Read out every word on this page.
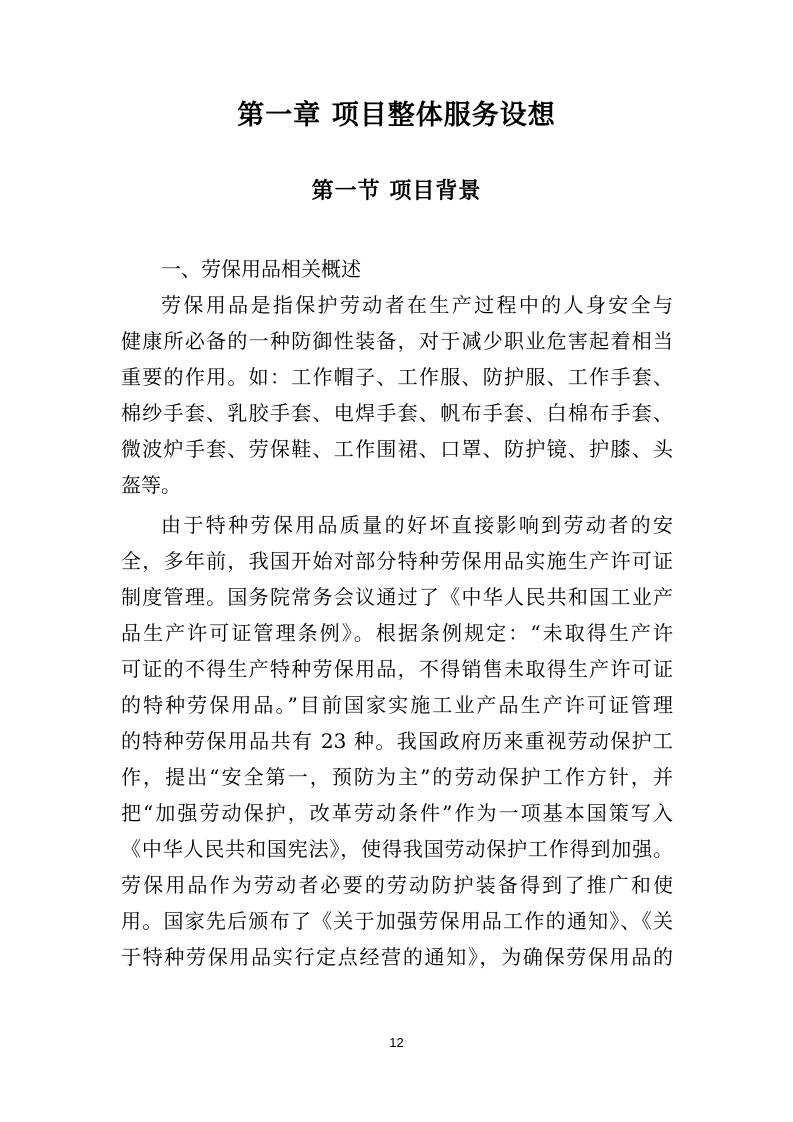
第一章 项目整体服务设想
第一节 项目背景
一、劳保用品相关概述
劳保用品是指保护劳动者在生产过程中的人身安全与
健康所必备的一种防御性装备，对于减少职业危害起着相当
重要的作用。如：工作帽子、工作服、防护服、工作手套、
棉纱手套、乳胶手套、电焊手套、帆布手套、白棉布手套、
微波炉手套、劳保鞋、工作围裙、口罩、防护镜、护膝、头
盔等。
由于特种劳保用品质量的好坏直接影响到劳动者的安
全，多年前，我国开始对部分特种劳保用品实施生产许可证
制度管理。国务院常务会议通过了《中华人民共和国工业产
品生产许可证管理条例》。根据条例规定：“未取得生产许
可证的不得生产特种劳保用品，不得销售未取得生产许可证
的特种劳保用品。”目前国家实施工业产品生产许可证管理
的特种劳保用品共有 23 种。我国政府历来重视劳动保护工
作，提出“安全第一，预防为主”的劳动保护工作方针，并
把“加强劳动保护，改革劳动条件”作为一项基本国策写入
《中华人民共和国宪法》，使得我国劳动保护工作得到加强。
劳保用品作为劳动者必要的劳动防护装备得到了推广和使
用。国家先后颁布了《关于加强劳保用品工作的通知》、《关
于特种劳保用品实行定点经营的通知》，为确保劳保用品的
12
